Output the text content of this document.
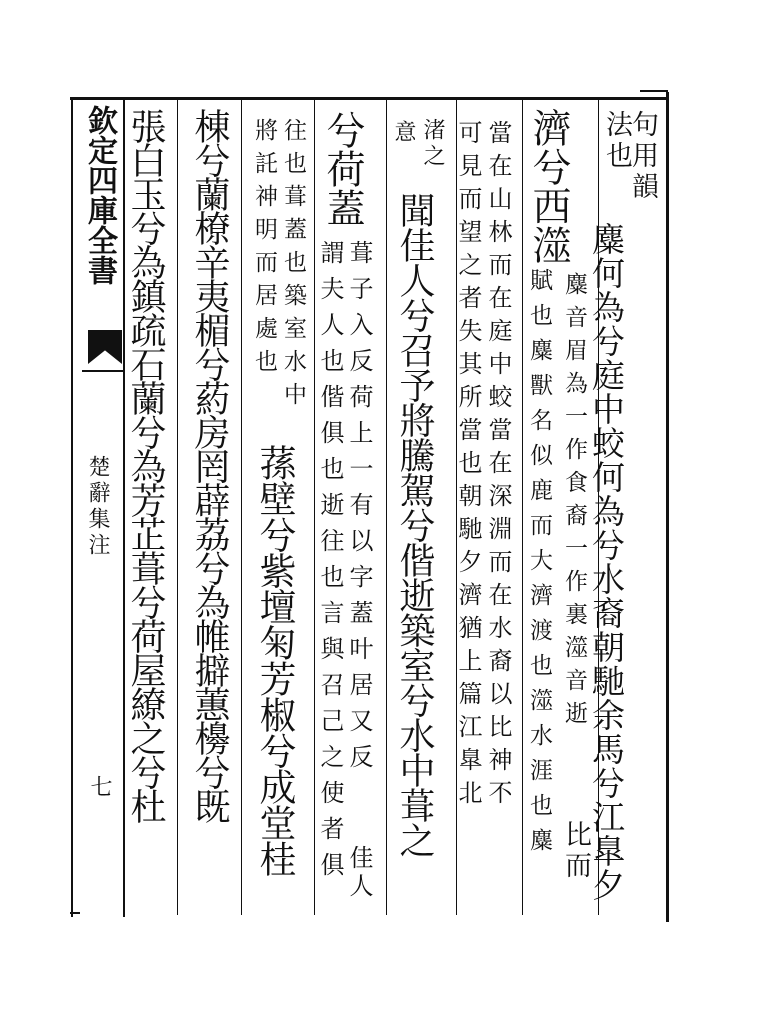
欽定四庫全書
楚辭集注
七
句用韻
法也
麋何為兮庭中蛟何為兮水裔朝馳余馬兮江臯夕
濟兮西澨
比而
麋音眉為一作食裔一作裏澨音逝
賦也麋獸名似鹿而大濟渡也澨水涯也麋
當在山林而在庭中蛟當在深淵而在水裔以比神不
可見而望之者失其所當也朝馳夕濟猶上篇江臯北
渚之
意
聞佳人兮召予將騰駕兮偕逝築室兮水中葺之
兮荷蓋
葺子入反荷上一有以字蓋叶居又反
佳人
謂夫人也偕俱也逝往也言與召己之使者俱
往也葺蓋也築室水中
將託神明而居處也
蓀壁兮紫壇匊芳椒兮成堂桂
棟兮蘭橑辛夷楣兮葯房罔薜荔兮為帷擗蕙櫋兮既
張白玉兮為鎮疏石蘭兮為芳芷葺兮荷屋繚之兮杜
